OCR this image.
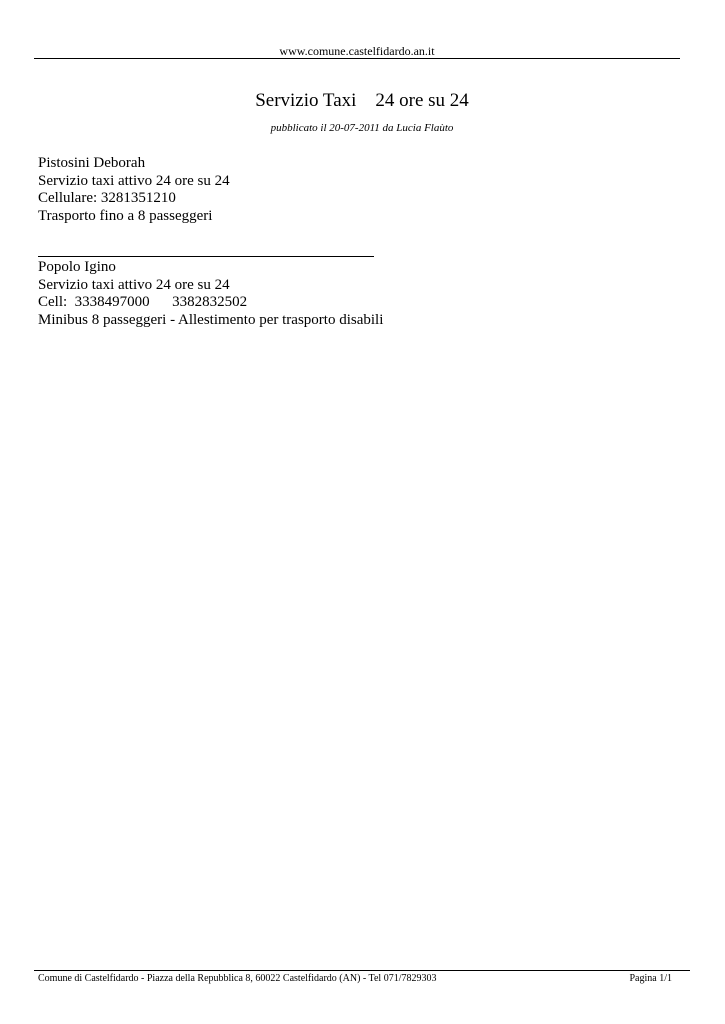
www.comune.castelfidardo.an.it
Servizio Taxi    24 ore su 24
pubblicato il 20-07-2011 da Lucia Flaùto
Pistosini Deborah
Servizio taxi attivo 24 ore su 24
Cellulare: 3281351210
Trasporto fino a 8 passeggeri
Popolo Igino
Servizio taxi attivo 24 ore su 24
Cell:  3338497000      3382832502
Minibus 8 passeggeri - Allestimento per trasporto disabili
Comune di Castelfidardo - Piazza della Repubblica 8, 60022 Castelfidardo (AN) - Tel 071/7829303	Pagina 1/1
